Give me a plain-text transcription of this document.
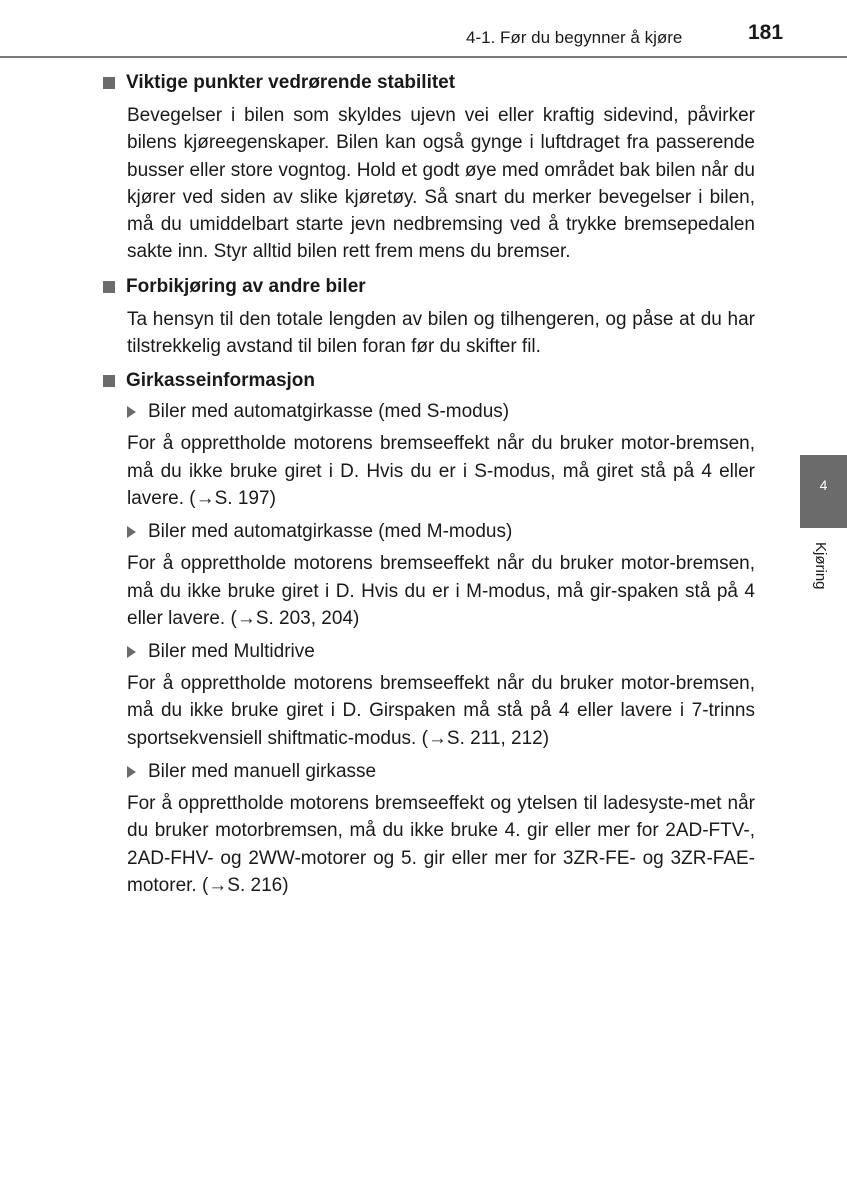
4-1. Før du begynner å kjøre	181
Viktige punkter vedrørende stabilitet
Bevegelser i bilen som skyldes ujevn vei eller kraftig sidevind, påvirker bilens kjøreegenskaper. Bilen kan også gynge i luftdraget fra passerende busser eller store vogntog. Hold et godt øye med området bak bilen når du kjører ved siden av slike kjøretøy. Så snart du merker bevegelser i bilen, må du umiddelbart starte jevn nedbremsing ved å trykke bremsepedalen sakte inn. Styr alltid bilen rett frem mens du bremser.
Forbikjøring av andre biler
Ta hensyn til den totale lengden av bilen og tilhengeren, og påse at du har tilstrekkelig avstand til bilen foran før du skifter fil.
Girkasseinformasjon
Biler med automatgirkasse (med S-modus)
For å opprettholde motorens bremseeffekt når du bruker motor-bremsen, må du ikke bruke giret i D. Hvis du er i S-modus, må giret stå på 4 eller lavere. (→S. 197)
Biler med automatgirkasse (med M-modus)
For å opprettholde motorens bremseeffekt når du bruker motor-bremsen, må du ikke bruke giret i D. Hvis du er i M-modus, må gir-spaken stå på 4 eller lavere. (→S. 203, 204)
Biler med Multidrive
For å opprettholde motorens bremseeffekt når du bruker motor-bremsen, må du ikke bruke giret i D. Girspaken må stå på 4 eller lavere i 7-trinns sportsekvensiell shiftmatic-modus. (→S. 211, 212)
Biler med manuell girkasse
For å opprettholde motorens bremseeffekt og ytelsen til ladesyste-met når du bruker motorbremsen, må du ikke bruke 4. gir eller mer for 2AD-FTV-, 2AD-FHV- og 2WW-motorer og 5. gir eller mer for 3ZR-FE- og 3ZR-FAE-motorer. (→S. 216)
4
Kjøring
